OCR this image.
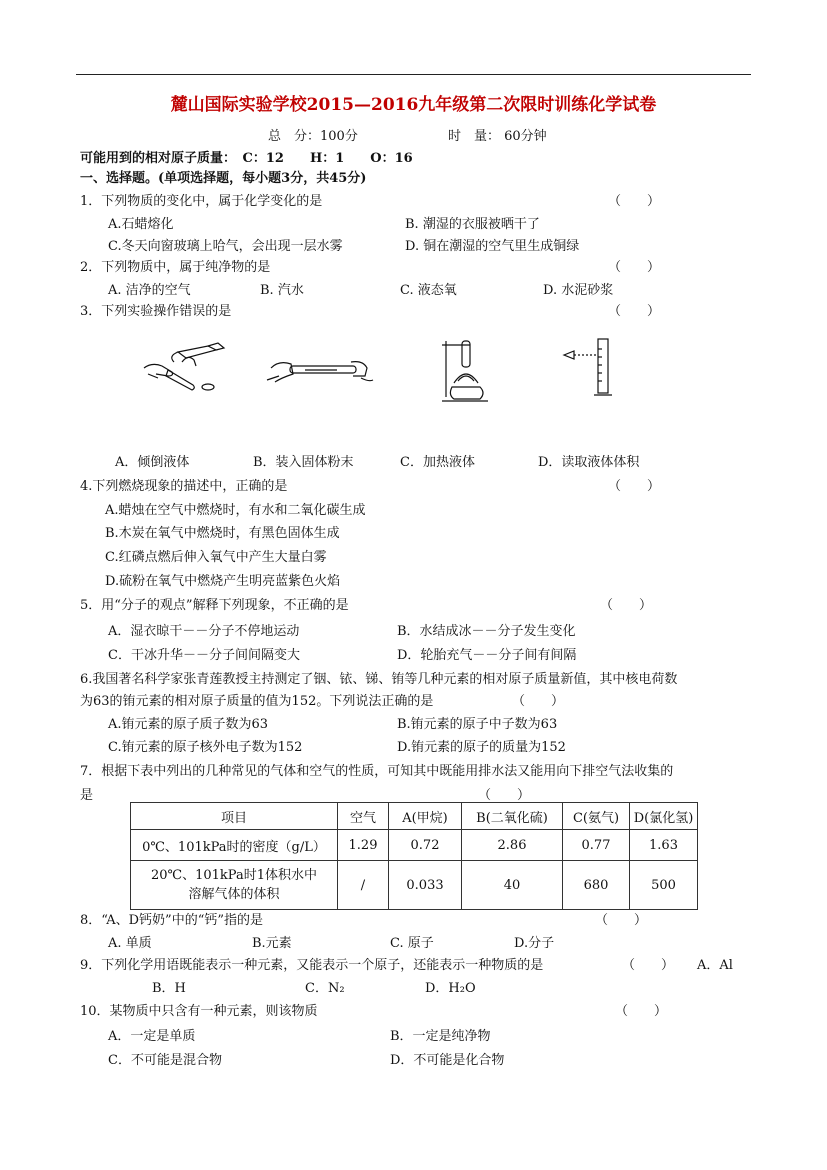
麓山国际实验学校2015—2016九年级第二次限时训练化学试卷
总　分：100分	时　量： 60分钟
可能用到的相对原子质量：　C：12　　H：1　　O：16
一、选择题。(单项选择题，每小题3分，共45分)
1．下列物质的变化中，属于化学变化的是	（　　）
A.石蜡熔化	B. 潮湿的衣服被晒干了
C.冬天向窗玻璃上哈气，会出现一层水雾	D. 铜在潮湿的空气里生成铜绿
2．下列物质中，属于纯净物的是	（　　）
A. 洁净的空气	B. 汽水	C. 液态氧	D. 水泥砂浆
3．下列实验操作错误的是	（　　）
A．倾倒液体	B．装入固体粉末	C．加热液体	D．读取液体体积
4.下列燃烧现象的描述中，正确的是	（　　）
A.蜡烛在空气中燃烧时，有水和二氧化碳生成
B.木炭在氧气中燃烧时，有黑色固体生成
C.红磷点燃后伸入氧气中产生大量白雾
D.硫粉在氧气中燃烧产生明亮蓝紫色火焰
5．用“分子的观点”解释下列现象，不正确的是	（　　）
A．湿衣晾干－－分子不停地运动	B．水结成冰－－分子发生变化
C．干冰升华－－分子间间隔变大	D．轮胎充气－－分子间有间隔
6.我国著名科学家张青莲教授主持测定了铟、铱、锑、铕等几种元素的相对原子质量新值，其中核电荷数
为63的铕元素的相对原子质量的值为152。下列说法正确的是	（　　）
A.铕元素的原子质子数为63	B.铕元素的原子中子数为63
C.铕元素的原子核外电子数为152	D.铕元素的原子的质量为152
7．根据下表中列出的几种常见的气体和空气的性质，可知其中既能用排水法又能用向下排空气法收集的
是	（　　）
项目	空气	A(甲烷)	B(二氧化硫)	C(氨气)	D(氯化氢)
0℃、101kPa时的密度（g/L）	1.29	0.72	2.86	0.77	1.63

20℃、101kPa时1体积水中
溶解气体的体积	/	0.033	40	680	500
8．“A、D钙奶”中的“钙”指的是	（　　）
A. 单质	B.元素	C. 原子	D.分子
9．下列化学用语既能表示一种元素，又能表示一个原子，还能表示一种物质的是	（　　） A．Al
B．H	C．N₂	D．H₂O
10．某物质中只含有一种元素，则该物质	（　　）
A．一定是单质	B．一定是纯净物
C．不可能是混合物	D．不可能是化合物
